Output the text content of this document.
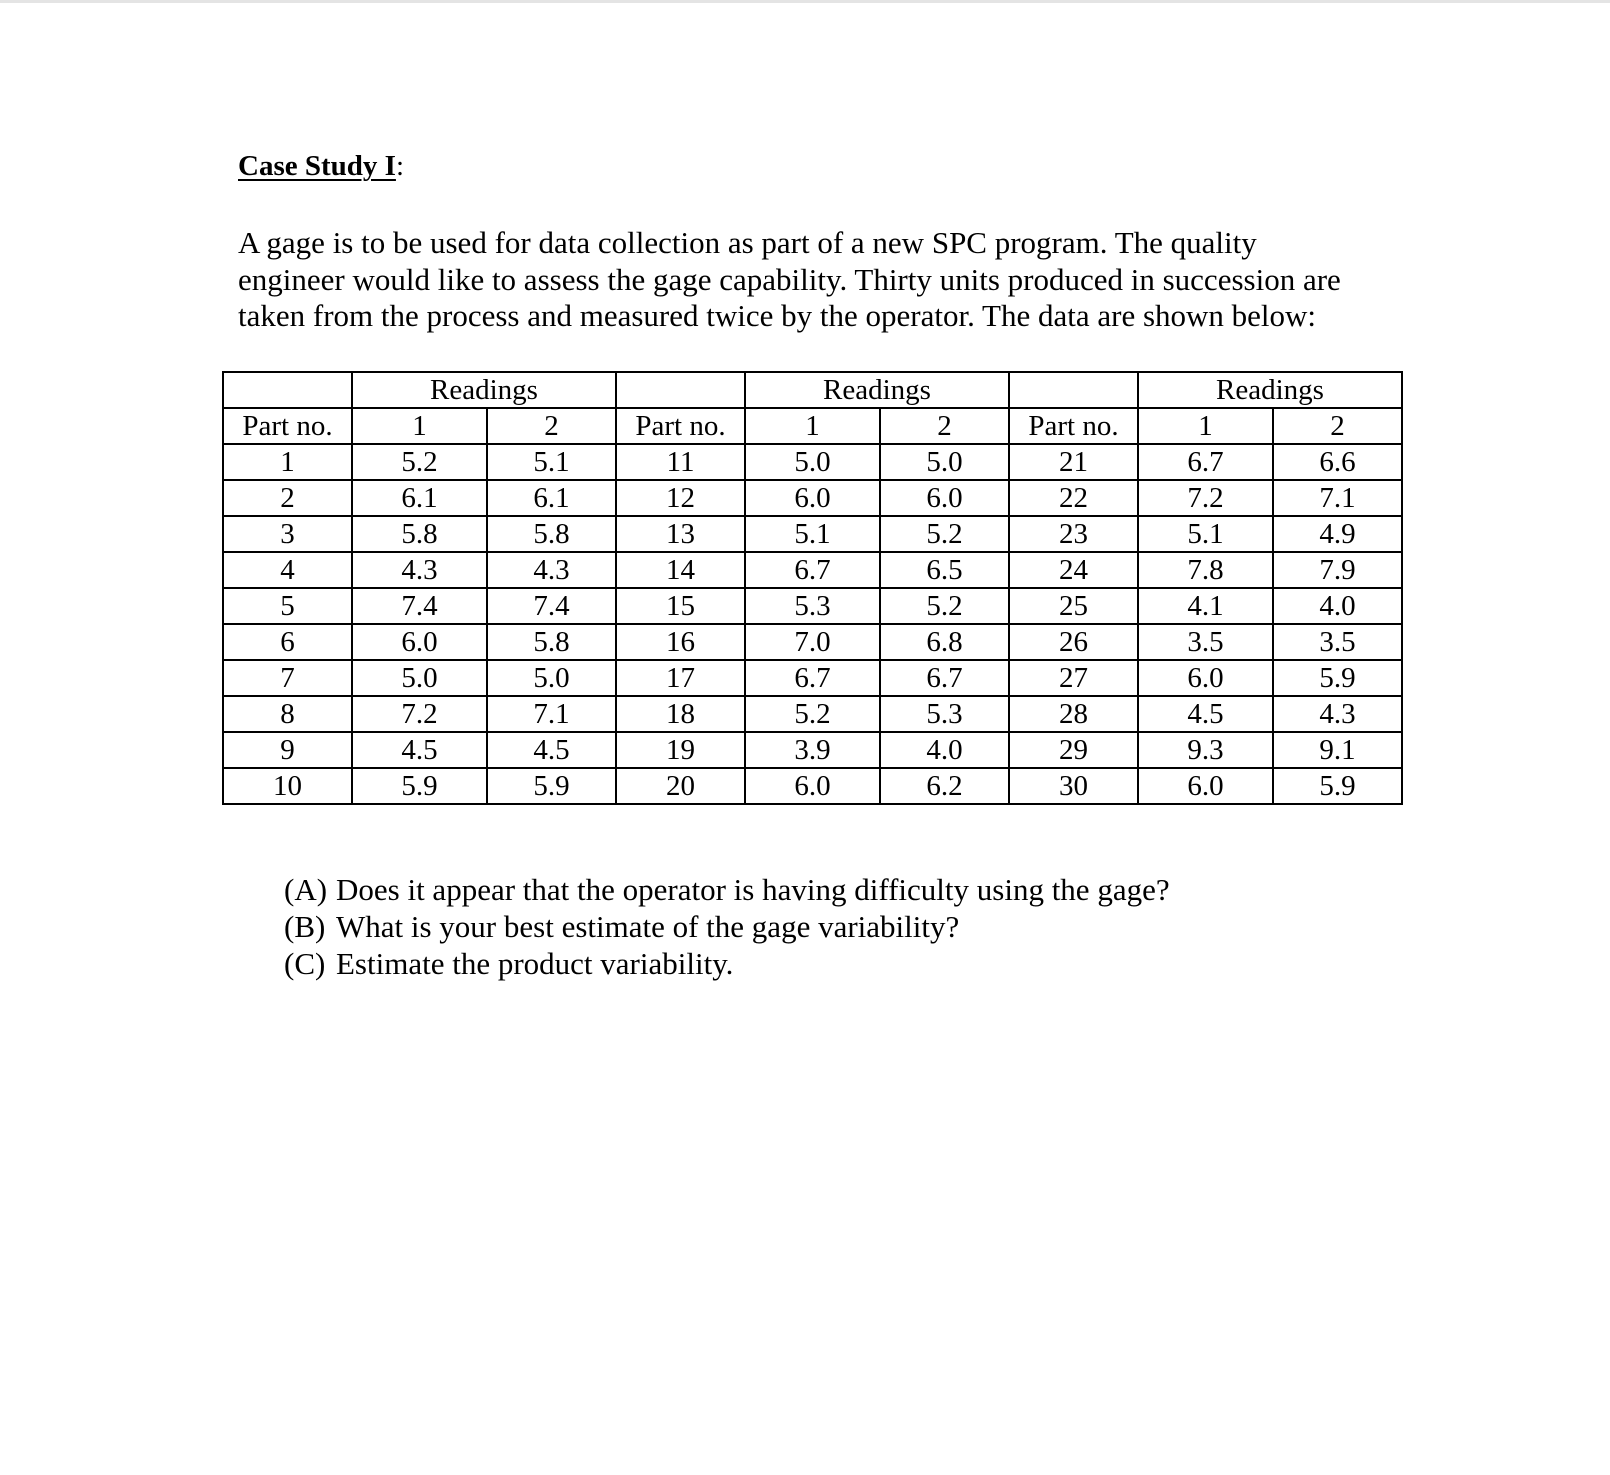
Case Study I:
A gage is to be used for data collection as part of a new SPC program. The quality
engineer would like to assess the gage capability. Thirty units produced in succession are
taken from the process and measured twice by the operator. The data are shown below:
	Readings			Readings			Readings	
Part no.	1	2	Part no.	1	2	Part no.	1	2
1	5.2	5.1	11	5.0	5.0	21	6.7	6.6
2	6.1	6.1	12	6.0	6.0	22	7.2	7.1
3	5.8	5.8	13	5.1	5.2	23	5.1	4.9
4	4.3	4.3	14	6.7	6.5	24	7.8	7.9
5	7.4	7.4	15	5.3	5.2	25	4.1	4.0
6	6.0	5.8	16	7.0	6.8	26	3.5	3.5
7	5.0	5.0	17	6.7	6.7	27	6.0	5.9
8	7.2	7.1	18	5.2	5.3	28	4.5	4.3
9	4.5	4.5	19	3.9	4.0	29	9.3	9.1
10	5.9	5.9	20	6.0	6.2	30	6.0	5.9
(A) Does it appear that the operator is having difficulty using the gage?
(B) What is your best estimate of the gage variability?
(C) Estimate the product variability.
